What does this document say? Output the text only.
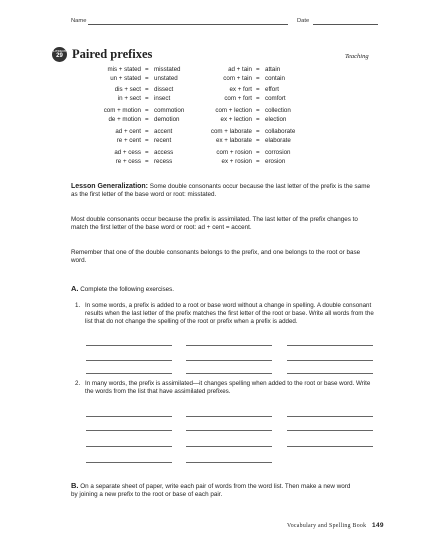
Name	Date
Lesson
29 Paired prefixes	Teaching
mis + stated = misstated
un + stated = unstated
dis + sect = dissect
in + sect = insect
com + motion = commotion
de + motion = demotion
ad + cent = accent
re + cent = recent
ad + cess = access
re + cess = recess
ad + tain = attain
com + tain = contain
ex + fort = effort
com + fort = comfort
com + lection = collection
ex + lection = election
com + laborate = collaborate
ex + laborate = elaborate
com + rosion = corrosion
ex + rosion = erosion
Lesson Generalization: Some double consonants occur because the last letter of the prefix is the same as the first letter of the base word or root: misstated.
Most double consonants occur because the prefix is assimilated. The last letter of the prefix changes to match the first letter of the base word or root: ad + cent = accent.
Remember that one of the double consonants belongs to the prefix, and one belongs to the root or base word.
A. Complete the following exercises.
1. In some words, a prefix is added to a root or base word without a change in spelling. A double consonant results when the last letter of the prefix matches the first letter of the root or base. Write all words from the list that do not change the spelling of the root or prefix when a prefix is added.
2. In many words, the prefix is assimilated—it changes spelling when added to the root or base word. Write the words from the list that have assimilated prefixes.
B. On a separate sheet of paper, write each pair of words from the word list. Then make a new word by joining a new prefix to the root or base of each pair.
Vocabulary and Spelling Book 149
